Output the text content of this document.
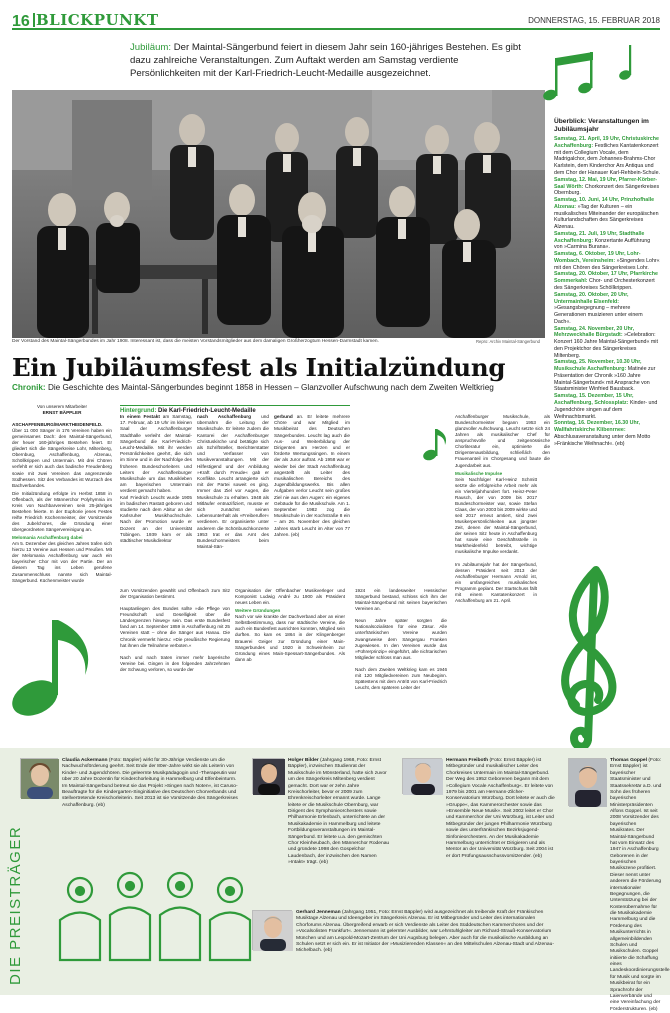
16 BLICKPUNKT	DONNERSTAG, 15. FEBRUAR 2018
Jubiläum: Der Maintal-Sängerbund feiert in diesem Jahr sein 160-jähriges Bestehen. Es gibt dazu zahlreiche Veranstaltungen. Zum Auftakt werden am Samstag verdiente Persönlichkeiten mit der Karl-Friedrich-Leucht-Medaille ausgezeichnet.
Der Vorstand des Maintal-Sängerbundes im Jahr 1908. Interessant ist, dass die meisten Vorstandsmitglieder aus dem damaligen Großherzogtum Hessen-Darmstadt kamen.	Repro: Archiv Maintal-Sängerbund
Überblick: Veranstaltungen im Jubiläumsjahr
Samstag, 21. April, 19 Uhr, Christuskirche Aschaffenburg: Festliches Kantatenkonzert mit dem Collegium Vocale, dem Madrigalchor, dem Johannes-Brahms-Chor Karlstein, dem Kinderchor Ars Antiqua und dem Chor der Hanauer Karl-Rehbein-Schule.
Samstag, 12. Mai, 19 Uhr, Pfarrer-Körber-Saal Wörth: Chorkonzert des Sängerkreises Obernburg.
Samstag, 10. Juni, 14 Uhr, Prinzhofhalle Alzenau: »Tag der Kulturen – ein musikalisches Miteinander der europäischen Kulturlandschaften des Sängerkreises Alzenau.
Samstag, 21. Juli, 19 Uhr, Stadthalle Aschaffenburg: Konzertante Aufführung von »Carmina Burana«.
Samstag, 6. Oktober, 19 Uhr, Lohr-Wombach, Vereinsheim: »Singendes Lohr« mit den Chören des Sängerkreises Lohr.
Samstag, 20. Oktober, 17 Uhr, Pfarrkirche Sommerkahl: Chor- und Orchesterkonzert des Sängerkreises Schöllkrippen.
Samstag, 20. Oktober, 20 Uhr, Untermainhalle Elsenfeld: »Gesangsbegegnung – mehrere Generationen musizieren unter einem Dach«.
Samstag, 24. November, 20 Uhr, Mehrzweckhalle Bürgstadt: »Celebration: Konzert 160 Jahre Maintal-Sängerbund« mit den Projektchor des Sängerkreises Miltenberg.
Samstag, 25. November, 10.30 Uhr, Musikschule Aschaffenburg: Matinée zur Präsentation der Chronik »160 Jahre Maintal-Sängerbund« mit Ansprache von Staatsminister Winfried Bausback.
Samstag, 15. Dezember, 15 Uhr, Aschaffenburg, Schlossplatz: Kinder- und Jugendchöre singen auf dem Weihnachtsmarkt.
Sonntag, 16. Dezember, 16.30 Uhr, Wallfahrtskirche Klibenrnee: Abschlusaveranstaltung unter dem Motto »Fränkische Weihnacht«. (eb)
Ein Jubiläumsfest als Initialzündung
Chronik: Die Geschichte des Maintal-Sängerbundes beginnt 1858 in Hessen – Glanzvoller Aufschwung nach dem Zweiten Weltkrieg
Von unserem Mitarbeiter
ERNST BÄPPLER
ASCHAFFENBURG/MARKTHEIDENFELD. Über 11 000 Sänger in 176 Vereinen haben ein gemeinsames Dach: den Maintal-Sängerbund, der heuer 160-jähriges Bestehen feiert. Er gliedert sich die Sängerkreise Lohr, Miltenberg, Obernburg, Aschaffenburg, Alzenau, Schöllkrippen und Untermain. Mit drei Chören verfehlt er sich auch das badische Freudenberg sowie mit zwei Vereinen das angrenzende Südhessen. Sitz des Verbandes ist Wurzach des Bachverbandes.
Die Initialzündung erfolgte im Herbst 1858 in Offenbach, als der Männerchor Polyhymnia im Kreis von Nachbarvereinen sein 25-jähriges Bestehen feierte. In der Euphorie jenes Festes reifte Friedrich Küchenmeister, der Vorsitzende des Jubelchores, die Gründung einer übergeordneten Sängervereinigung an.
Melomania Aschaffenburg dabei
Am 5. Dezember des gleichen Jahres trafen sich hierzu 13 Vereine aus Hessen und Preußen. Mit der Melomania Aschaffenburg war auch ein bayerischer Chor mit von der Partie. Der an diesem Tag ins Leben gerufene Zusammenschluss nannte sich Maintal-Sängerbund. Küchenmeister wurde
Hintergrund: Die Karl-Friedrich-Leucht-Medaille
In einem Festakt am Samstag, 17. Februar, ab 19 Uhr im kleinen Saal der Aschaffenburger Stadthalle verleiht der Maintal-Sängerbund die Karl-Friedrich-Leucht-Medaille. Mit ihr werden Persönlichkeiten geehrt, die sich im Sinne und in der Nachfolge des früheren Bundeschorleiters und Leiters der Aschaffenburger Musikschule um das Musikleben am bayerischen Untermain verdient gemacht haben.
Karl Friedrich Leucht wurde 1905 im badischen Rastatt geboren und studierte nach dem Abitur an der Karlsruher Musikhochschule. Nach der Promotion wurde er Dozent an der Universität Tübingen. 1939 kam er als städtischer Musikdirektor
nach Aschaffenburg und übernahm die Leitung der Musikschule. Er leitete zudem die Kantorei der Aschaffenburger Christuskirche und betätigte sich als Schriftsteller, Berichterstatter und Verfasser von Musikveranstaltungen. Mit der Hilfestigend und der Anbildung »Kraft durch Freude« gab er Konflikte. Leucht arrangierte sich mit der Partei soweit es ging. Immer das Ziel vor Augen, die Musikschule zu erhalten. 1948 als Mitläufer entnazifiziert, musste er sich zunächst seinen Lebensunterhalt als »Freiberufler« verdienen. Er organisierte unter anderem die Schönbuschkonzerte 1953 trat er das Amt des Bundeschormeisters beim Maintal-Sän-
gerbund an. Er leitete mehrere Chöre und war Mitglied im Musikbeirat des Deutschen Sängerbundes. Leucht lag auch die Aus- und Weiterbildung der Dirigenten am Herzen und er förderte Wertungssingen. In einem der als Juror auftrat. Ab 1958 war er wieder bei der Stadt Aschaffenburg angestellt als Leiter des musikalischen Bereichs des Jugendbildungswerks. Bis allen Aufgaben verlor Leucht sein großes Ziel nie aus den Augen: ein eigenes Gebäude für die Musikschule. Am 1. September 1982 zog die Musikschule in der Kochstraße 8 ein – am 26. November des gleichen Jahres starb Leucht im Alter von 77 Jahren. (eb)
zum Vorsitzenden gewählt und Offenbach zum Sitz der Organisation bestimmt.

Hauptanliegen des Bundes sollte »die Pflege von Freundschaft und Geselligkeit über die Ländergrenzen hinweg« sein. Das erste Bundesfest fand am 14. September 1859 in Aschaffenburg mit 25 Vereinen statt – ohne die Sänger aus Hanau. Die Chronik vermerkt hierzu: »Die preußische Regierung hat ihnen die Teilnahme verboten.«

Nach und nach traten immer mehr bayerische Vereine bei. Gingen in den folgenden Jahrzehnten der Schwung verloren, so wurde der
Organisation der Offenbacher Musikverleger und Komponist Ludwig André zu 1900 als Präsident neues Leben ein.
Weitere Gründungen
Nach vor wie krankte der Dachverband aber an einer Selbstbestimmung, dass nur städtische Vereine, die auch ein Bundesfest ausrichten konnten, Mitglied sein durften. So kam es 1864 in der Klingenberger Brauerei Geiger zur Gründung einer Main-Sängerbundes und 1920 in Schweinheim zur Gründung eines Main-Spessart-Sängerbundes. Als dann ab
1924 ein landesweiter Hessischer Sängerbund bestand, schloss sich ihm der Maintal-Sängerbund mit seinen bayerischen Vereinen an.

Neun Jahre später sorgten die Nationalsozialisten für eine Zäsur. Alle unterfränkischen Vereine wurden zwangsweise dem Sängergau Franken zugewiesen. In den Vereinen wurde das »Führerprinzip« eingeführt, alle nichtarischen Mitglieder schloss man aus.

Nach dem Zweiten Weltkrieg kam es 1946 mit 120 Mitgliedvereinen zum Neubeginn. Spätestens mit dem Antritt von Karl-Friedrich Leucht, dem späteren Leiter der
Aschaffenburger Musikschule, als Bundeschormeister begann 1953 ein glanzvoller Aufschwung. Leucht setzte sich 24 Jahren als musikalischer Chef für anspruchsvolle und zeitgenössische Chorliteratur ein, optimierte die Dirigentenausbildung, schließlich den Frauenanteil im Chorgesang und baute die Jugendarbeit aus.
Musikalische Impulse
Sein Nachfolger Karl-Heinz Schmitt setzte die erfolgreiche Arbeit mehr als ein Vierteljahrhundert fort. Heinz-Peter Rausch, der von 2009 bis 2017 Bundeschormeister war, sowie Stefan Claas, der von 2003 bis 2009 wirkte und seit 2017 erneut amtiert, sind zwei Musikerpersönlichkeiten aus jüngster Zeit, denen der Maintal-Sängerbund, der seinen Sitz heute in Aschaffenburg hat sowie eine Geschäftsstelle in Marktheidenfeld betreibt, wichtige musikalische Impulse verdankt.

Im Jubiläumsjahr hat der Sängerbund, dessen Präsident seit 2013 der Aschaffenburger Hermann Arnold ist, ein umfangreiches musikalisches Programm geplant. Der Startschuss fällt mit einem Kantatenkonzert in Aschaffenburg am 21. April.
DIE PREISTRÄGER
Claudia Ackermann (Foto: Bäppler) wirkt für 30-Jährige Verdienste um die Nachwuchsförderung geehrt. Seit Ende der 80er-Jahre wirkt sie als Leiterin von Kinder- und Jugendchören. Die geleernte Musikpädagogin und -Therapeutin war über 20 Jahre Dozentin für Kinderchorleitung in Hammelburg und Elfenbeinturm. Im Maintal-Sängerbund betreut sie das Projekt »Singen nach Noten«, ist Caruso-Beauftragte für die Kindergarten-Singinitiative des Deutschen Chorverbands und stellvertretende Kreischorleiterin. Seit 2013 ist sie Vorsitzende des Sängerkreises Aschaffenburg. (eb)
Holger Bilder (Jahrgang 1968, Foto: Ernst Bäppler), inzwischen Studienrat der Musikschule im Mönsterland, hatte sich zuvor um den Sängerkreis Miltenberg verdient gemacht. Dort war er zehn Jahre Kreischorleiter, bevor er 2009 zum Ehrenkreischorleiter ernannt wurde. Lange leitete er die Musikschule Obernburg, war Dirigent des Symphonieorchesters sowie Philharmonie Erlenbach, unterrichtete an der Musikakademie in Hammelburg und leitete Fortbildungsveranstaltungen im Maintal-Sängerbund. Er leitete u.a. den gemischten Chor Kleinheubach, den Männerchor Rodenau und gründete 1998 den Gospelchor Laudenbach, der inzwischen den Namen »Intakt« trägt. (eb)
Hermann Freiboth (Foto: Ernst Bäppler) ist Mitbegründer und musikalischer Leiter des Chorkreises Untermain im Maintal-Sängerbund. Der Weg des 1952 Geborenen begann mit dem »Collegium Vocale Aschaffenburg«. Er leitete von 1979 bis 2001 am Hermann-Zilcher-Konservatorium Würzburg. Dort leitete er auch die »Gruppe«, das Kammerorchester sowie das »Ensemble Neue Musik«. Seit 2002 leitet er Chor und Kammerchor der Uni Würzburg, ist Leiter und Mitbegründer der jungen Philharmonie Würzburg sowie des unterfränkischen Bezirksjugend-Sinfonieorchesters. An der Musikakademie Hammelburg unterrichtet er Dirigieren und als Mentor an der Universität Würzburg. Seit 2004 ist er dort Prüfungsausschussvorsitzender. (eb)
Thomas Goppel (Foto: Ernst Bäppler) ist bayerischer Staatsminister und Staatssekretär a.D. und Sohn des früheren bayerischen Ministerpräsidenten Alfons Goppel. Ist seit 2008 Vorsitzender des bayerischen Musikrates. Der Maintal-Sängerbund hat vom Einsatz des 1947 in Aschaffenburg Geborenen in der bayerischen Musikszene profitiert. Dieser nennt unter anderem die Förderung internationaler Begegnungen, die Unterstützung bei der Kostenübernahme für die Musikakademie Hammelburg und die Förderung des Musikunterrichts in allgemeinbildenden Schulen und Musikschulen. Goppel initiierte die Schaffung eines Landeskoordinierungsstelle für Musik und sorgte im Musikbeirat für ein Sprachrohr der Laienverbände und eine Vereinfachung der Förderstrukturen. (eb)
Gerhard Jenneman (Jahrgang 1951, Foto: Ernst Bäppler) wird ausgezeichnet als treibende Kraft der Fränkischen Musiktage Alzenau und Ideengeber im Sängerkreis Alzenau. Er ist Mitbegründer und Leiter des internationalen Chorforums Alzenau. Übergreifend erwarb er sich Verdienste als Leiter des Süddeutschen Kammerchores und der »Vocalsolisten Frankfurt«. Jennemann ist gelernter Ausbilder, war Lehrstuhlgleiter am Richard-Strauß-Konservatorium München und am Leopold-Mozart-Zentrum der Uni Augsburg belegen. Aber auch für die musikalische Ausbildung an Schulen setzt er sich ein. Er ist Initiator der »Musizierenden Klassen« an den Mittelschulen Alzenau-Stadt und Alzenau-Michelbach. (eb)
